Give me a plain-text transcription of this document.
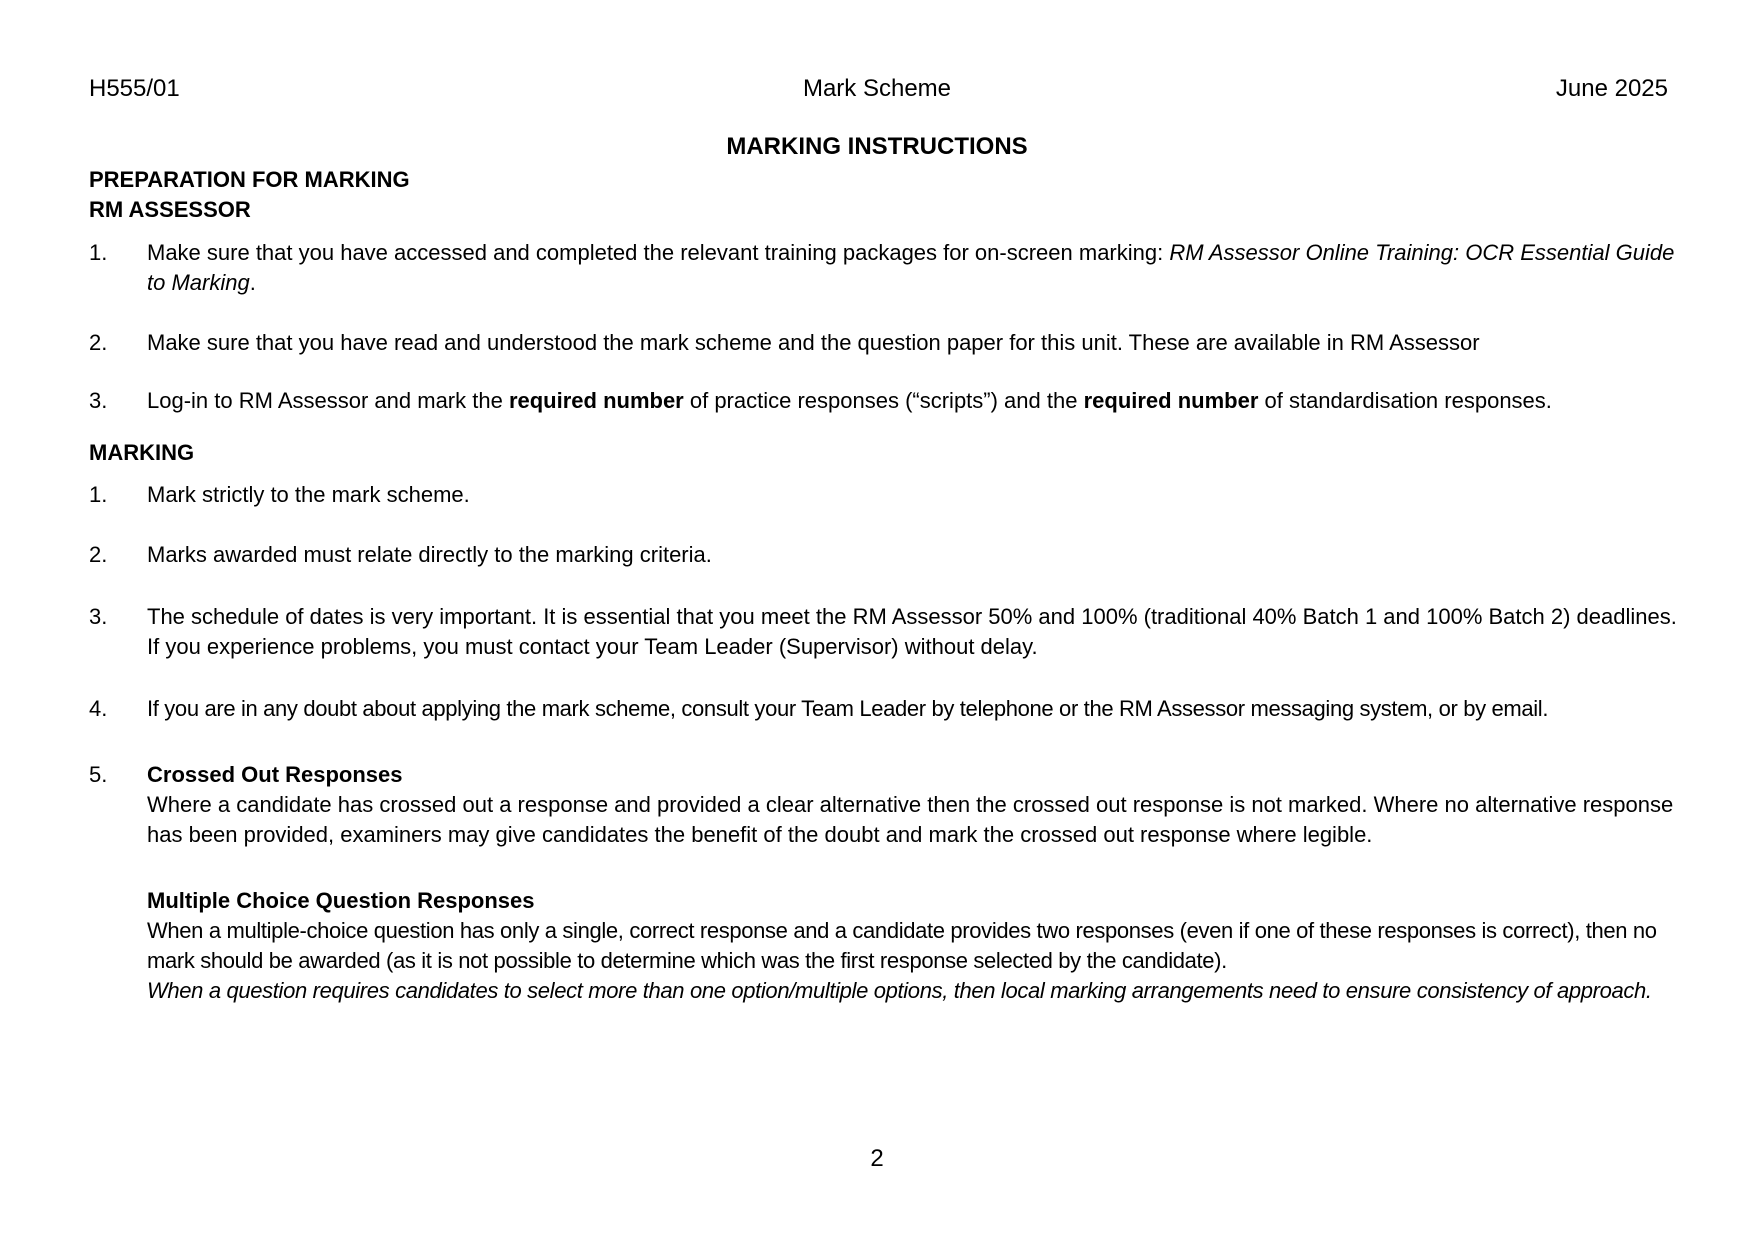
H555/01	Mark Scheme	June 2025
MARKING INSTRUCTIONS
PREPARATION FOR MARKING
RM ASSESSOR
1. Make sure that you have accessed and completed the relevant training packages for on-screen marking: RM Assessor Online Training: OCR Essential Guide to Marking.
2. Make sure that you have read and understood the mark scheme and the question paper for this unit. These are available in RM Assessor
3. Log-in to RM Assessor and mark the required number of practice responses (“scripts”) and the required number of standardisation responses.
MARKING
1. Mark strictly to the mark scheme.
2. Marks awarded must relate directly to the marking criteria.
3. The schedule of dates is very important. It is essential that you meet the RM Assessor 50% and 100% (traditional 40% Batch 1 and 100% Batch 2) deadlines. If you experience problems, you must contact your Team Leader (Supervisor) without delay.
4. If you are in any doubt about applying the mark scheme, consult your Team Leader by telephone or the RM Assessor messaging system, or by email.
5. Crossed Out Responses
Where a candidate has crossed out a response and provided a clear alternative then the crossed out response is not marked. Where no alternative response has been provided, examiners may give candidates the benefit of the doubt and mark the crossed out response where legible.
Multiple Choice Question Responses
When a multiple-choice question has only a single, correct response and a candidate provides two responses (even if one of these responses is correct), then no mark should be awarded (as it is not possible to determine which was the first response selected by the candidate).
When a question requires candidates to select more than one option/multiple options, then local marking arrangements need to ensure consistency of approach.
2
